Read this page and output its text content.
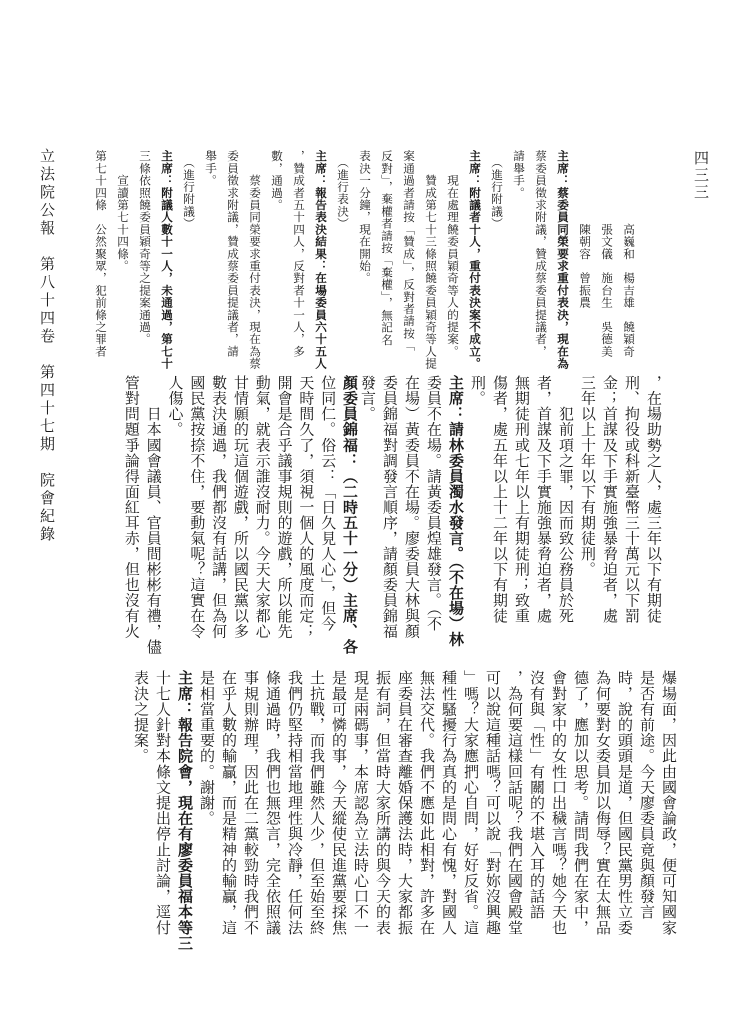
四三三
爆場面，因此由國會論政，便可知國家
是否有前途。今天廖委員竟與顏發言
時，說的頭頭是道，但國民黨男性立委
為何要對女委員加以侮辱？實在太無品
德了，應加以思考。請問我們在家中，
會對家中的女性口出穢言嗎？她今天也
沒有與「性」有關的不堪入耳的話語
，為何要這樣回話呢？我們在國會殿堂
可以說這種話嗎？可以說「對妳沒興趣
」嗎？大家應捫心自問，好好反省。這
種性騷擾行為真的是問心有愧，對國人
無法交代。我們不應如此相對，許多在
座委員在審查離婚保護法時，大家都振
振有詞，但當時大家所講的與今天的表
現是兩碼事，本席認為立法時心口不一
是最可憐的事，今天縱使民進黨要採焦
土抗戰，而我們雖然人少，但至始至終
我們仍堅持相當地理性與冷靜，任何法
條通過時，我們也無怨言，完全依照議
事規則辦理，因此在二黨較勁時我們不
在乎人數的輸贏，而是精神的輸贏，這
是相當重要的。謝謝。
主席：報告院會，現在有廖委員福本等三
十七人針對本條文提出停止討論，逕付
表決之提案。
，在場助勢之人，處三年以下有期徒
刑、拘役或科新臺幣三十萬元以下罰
金；首謀及下手實施強暴脅迫者，處
三年以上十年以下有期徒刑。
　　犯前項之罪，因而致公務員於死
者，首謀及下手實施強暴脅迫者，處
無期徒刑或七年以上有期徒刑；致重
傷者，處五年以上十二年以下有期徒
刑。
主席：請林委員濁水發言。（不在場）林
委員不在場。請黃委員煌雄發言。（不
在場）黃委員不在場。廖委員大林與顏
委員錦福對調發言順序，請顏委員錦福
發言。
顏委員錦福：（二時五十一分）主席、各
位同仁。俗云：「日久見人心」，但今
天時間久了，須視一個人的風度而定；
開會是合乎議事規則的遊戲，所以能先
動氣，就表示誰沒耐力。今天大家都心
甘情願的玩這個遊戲，所以國民黨以多
數表決通過，我們都沒有話講，但為何
國民黨按捺不住，要動氣呢？這實在令
人傷心。
　　日本國會議員、官員間彬彬有禮，儘
管對問題爭論得面紅耳赤，但也沒有火
　　　　　　高巍和　楊吉雄　饒穎奇
　　　　　　張文儀　施台生　吳德美
　　　　　　陳朝容　曾振農
主席：蔡委員同榮要求重付表決，現在為
蔡委員徵求附議，贊成蔡委員提議者，
請舉手。
　（進行附議）
主席：附議者十人，重付表決案不成立。
　　現在處理饒委員穎奇等人的提案。
　　贊成第七十三條照饒委員穎奇等人提
案通過者請按「贊成」，反對者請按「
反對」，棄權者請按「棄權」，無記名
表決一分鐘，現在開始。
　（進行表決）
主席：報告表決結果：在場委員六十五人
，贊成者五十四人，反對者十一人，多
數，通過。
　　蔡委員同榮要求重付表決，現在為蔡
委員徵求附議，贊成蔡委員提議者，請
舉手。
　（進行附議）
主席：附議人數十一人，未通過，第七十
三條依照饒委員穎奇等之提案通過。
　　宣讀第七十四條。
第七十四條　公然聚眾，犯前條之罪者
立法院公報　第八十四卷　第四十七期　院會紀錄
